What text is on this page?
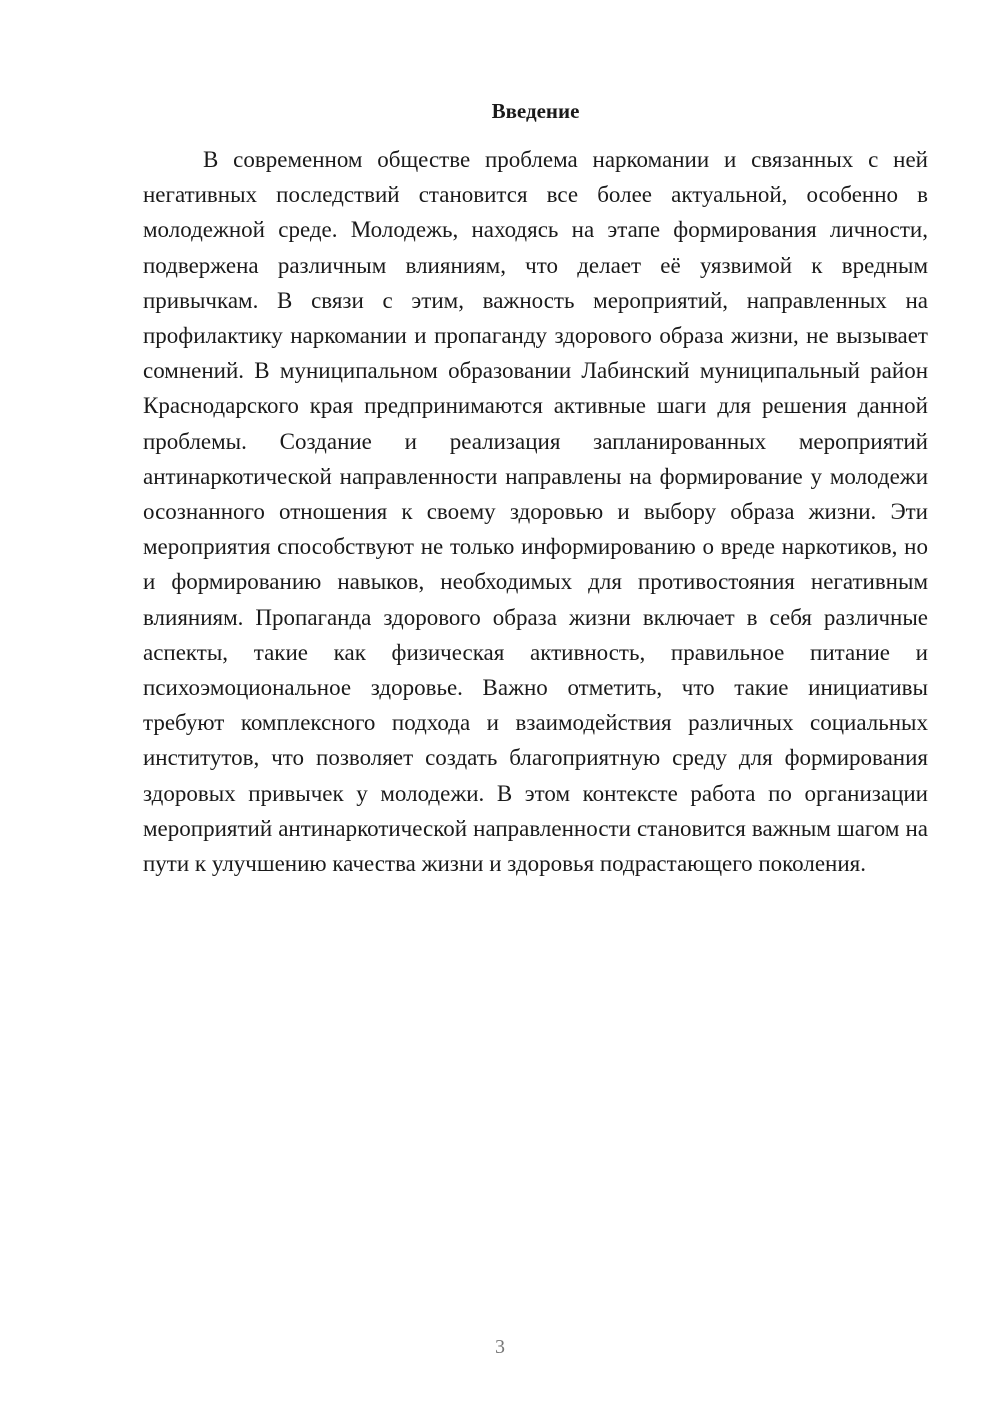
Введение

В современном обществе проблема наркомании и связанных с ней негативных последствий становится все более актуальной, особенно в молодежной среде. Молодежь, находясь на этапе формирования личности, подвержена различным влияниям, что делает её уязвимой к вредным привычкам. В связи с этим, важность мероприятий, направленных на профилактику наркомании и пропаганду здорового образа жизни, не вызывает сомнений. В муниципальном образовании Лабинский муниципальный район Краснодарского края предпринимаются активные шаги для решения данной проблемы. Создание и реализация запланированных мероприятий антинаркотической направленности направлены на формирование у молодежи осознанного отношения к своему здоровью и выбору образа жизни. Эти мероприятия способствуют не только информированию о вреде наркотиков, но и формированию навыков, необходимых для противостояния негативным влияниям. Пропаганда здорового образа жизни включает в себя различные аспекты, такие как физическая активность, правильное питание и психоэмоциональное здоровье. Важно отметить, что такие инициативы требуют комплексного подхода и взаимодействия различных социальных институтов, что позволяет создать благоприятную среду для формирования здоровых привычек у молодежи. В этом контексте работа по организации мероприятий антинаркотической направленности становится важным шагом на пути к улучшению качества жизни и здоровья подрастающего поколения.

3
